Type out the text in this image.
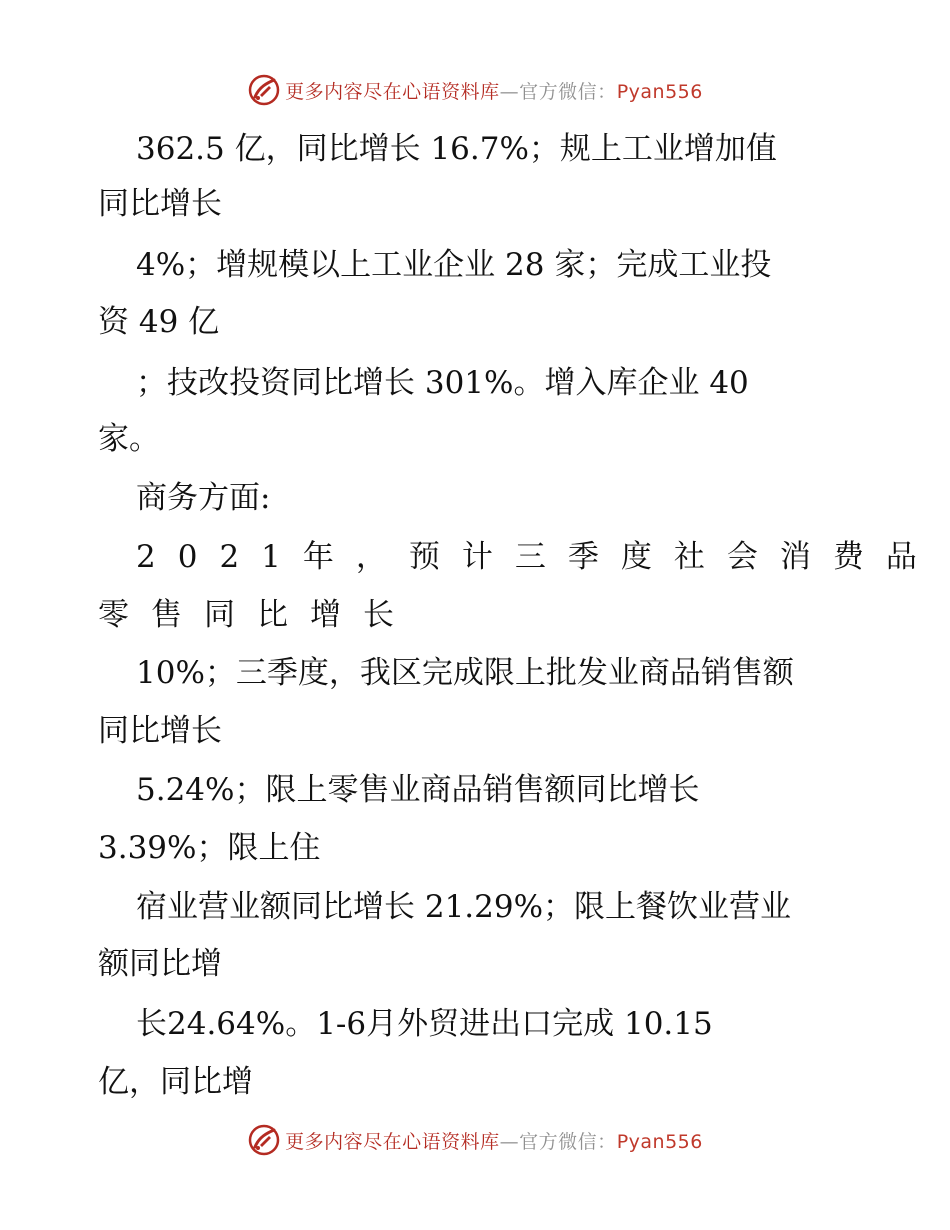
更多内容尽在心语资料库—官方微信：Pyan556
362.5 亿，同比增长 16.7%；规上工业增加值
同比增长
4%；增规模以上工业企业 28 家；完成工业投
资 49 亿
；技改投资同比增长 301%。增入库企业 40
家。
商务方面:
2021年，预计三季度社会消费品
零售同比增长
10%；三季度，我区完成限上批发业商品销售额
同比增长
5.24%；限上零售业商品销售额同比增长
3.39%；限上住
宿业营业额同比增长 21.29%；限上餐饮业营业
额同比增
长24.64%。1-6月外贸进出口完成 10.15
亿，同比增
更多内容尽在心语资料库—官方微信：Pyan556
